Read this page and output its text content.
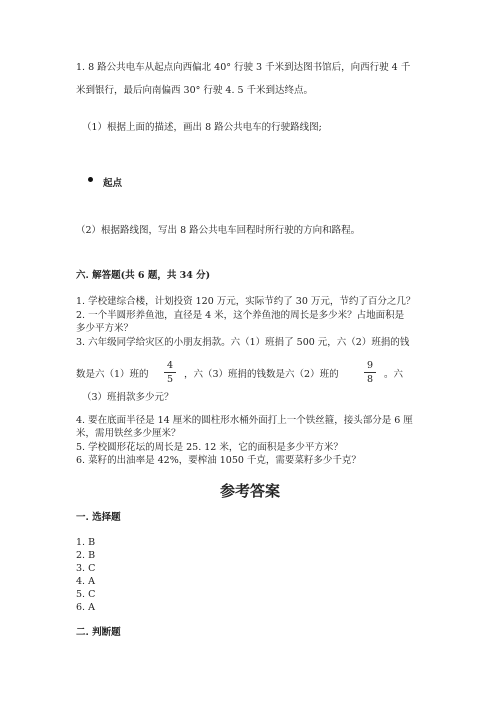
1. 8 路公共电车从起点向西偏北 40° 行驶 3 千米到达图书馆后，向西行驶 4 千
米到银行，最后向南偏西 30° 行驶 4. 5 千米到达终点。
（1）根据上面的描述，画出 8 路公共电车的行驶路线图;
起点
（2）根据路线图，写出 8 路公共电车回程时所行驶的方向和路程。
六. 解答题(共 6 题，共 34 分)
1. 学校建综合楼，计划投资 120 万元，实际节约了 30 万元，节约了百分之几？
2. 一个半圆形养鱼池，直径是 4 米，这个养鱼池的周长是多少米？占地面积是
多少平方米？
3. 六年级同学给灾区的小朋友捐款。六（1）班捐了 500 元，六（2）班捐的钱
数是六（1）班的
4
5	，六（3）班捐的钱数是六（2）班的
9
8	。六
（3）班捐款多少元？
4. 要在底面半径是 14 厘米的圆柱形水桶外面打上一个铁丝箍，接头部分是 6 厘
米，需用铁丝多少厘米？
5. 学校圆形花坛的周长是 25. 12 米，它的面积是多少平方米？
6. 菜籽的出油率是 42%，要榨油 1050 千克，需要菜籽多少千克？
参考答案
一. 选择题
1. B
2. B
3. C
4. A
5. C
6. A
二. 判断题
